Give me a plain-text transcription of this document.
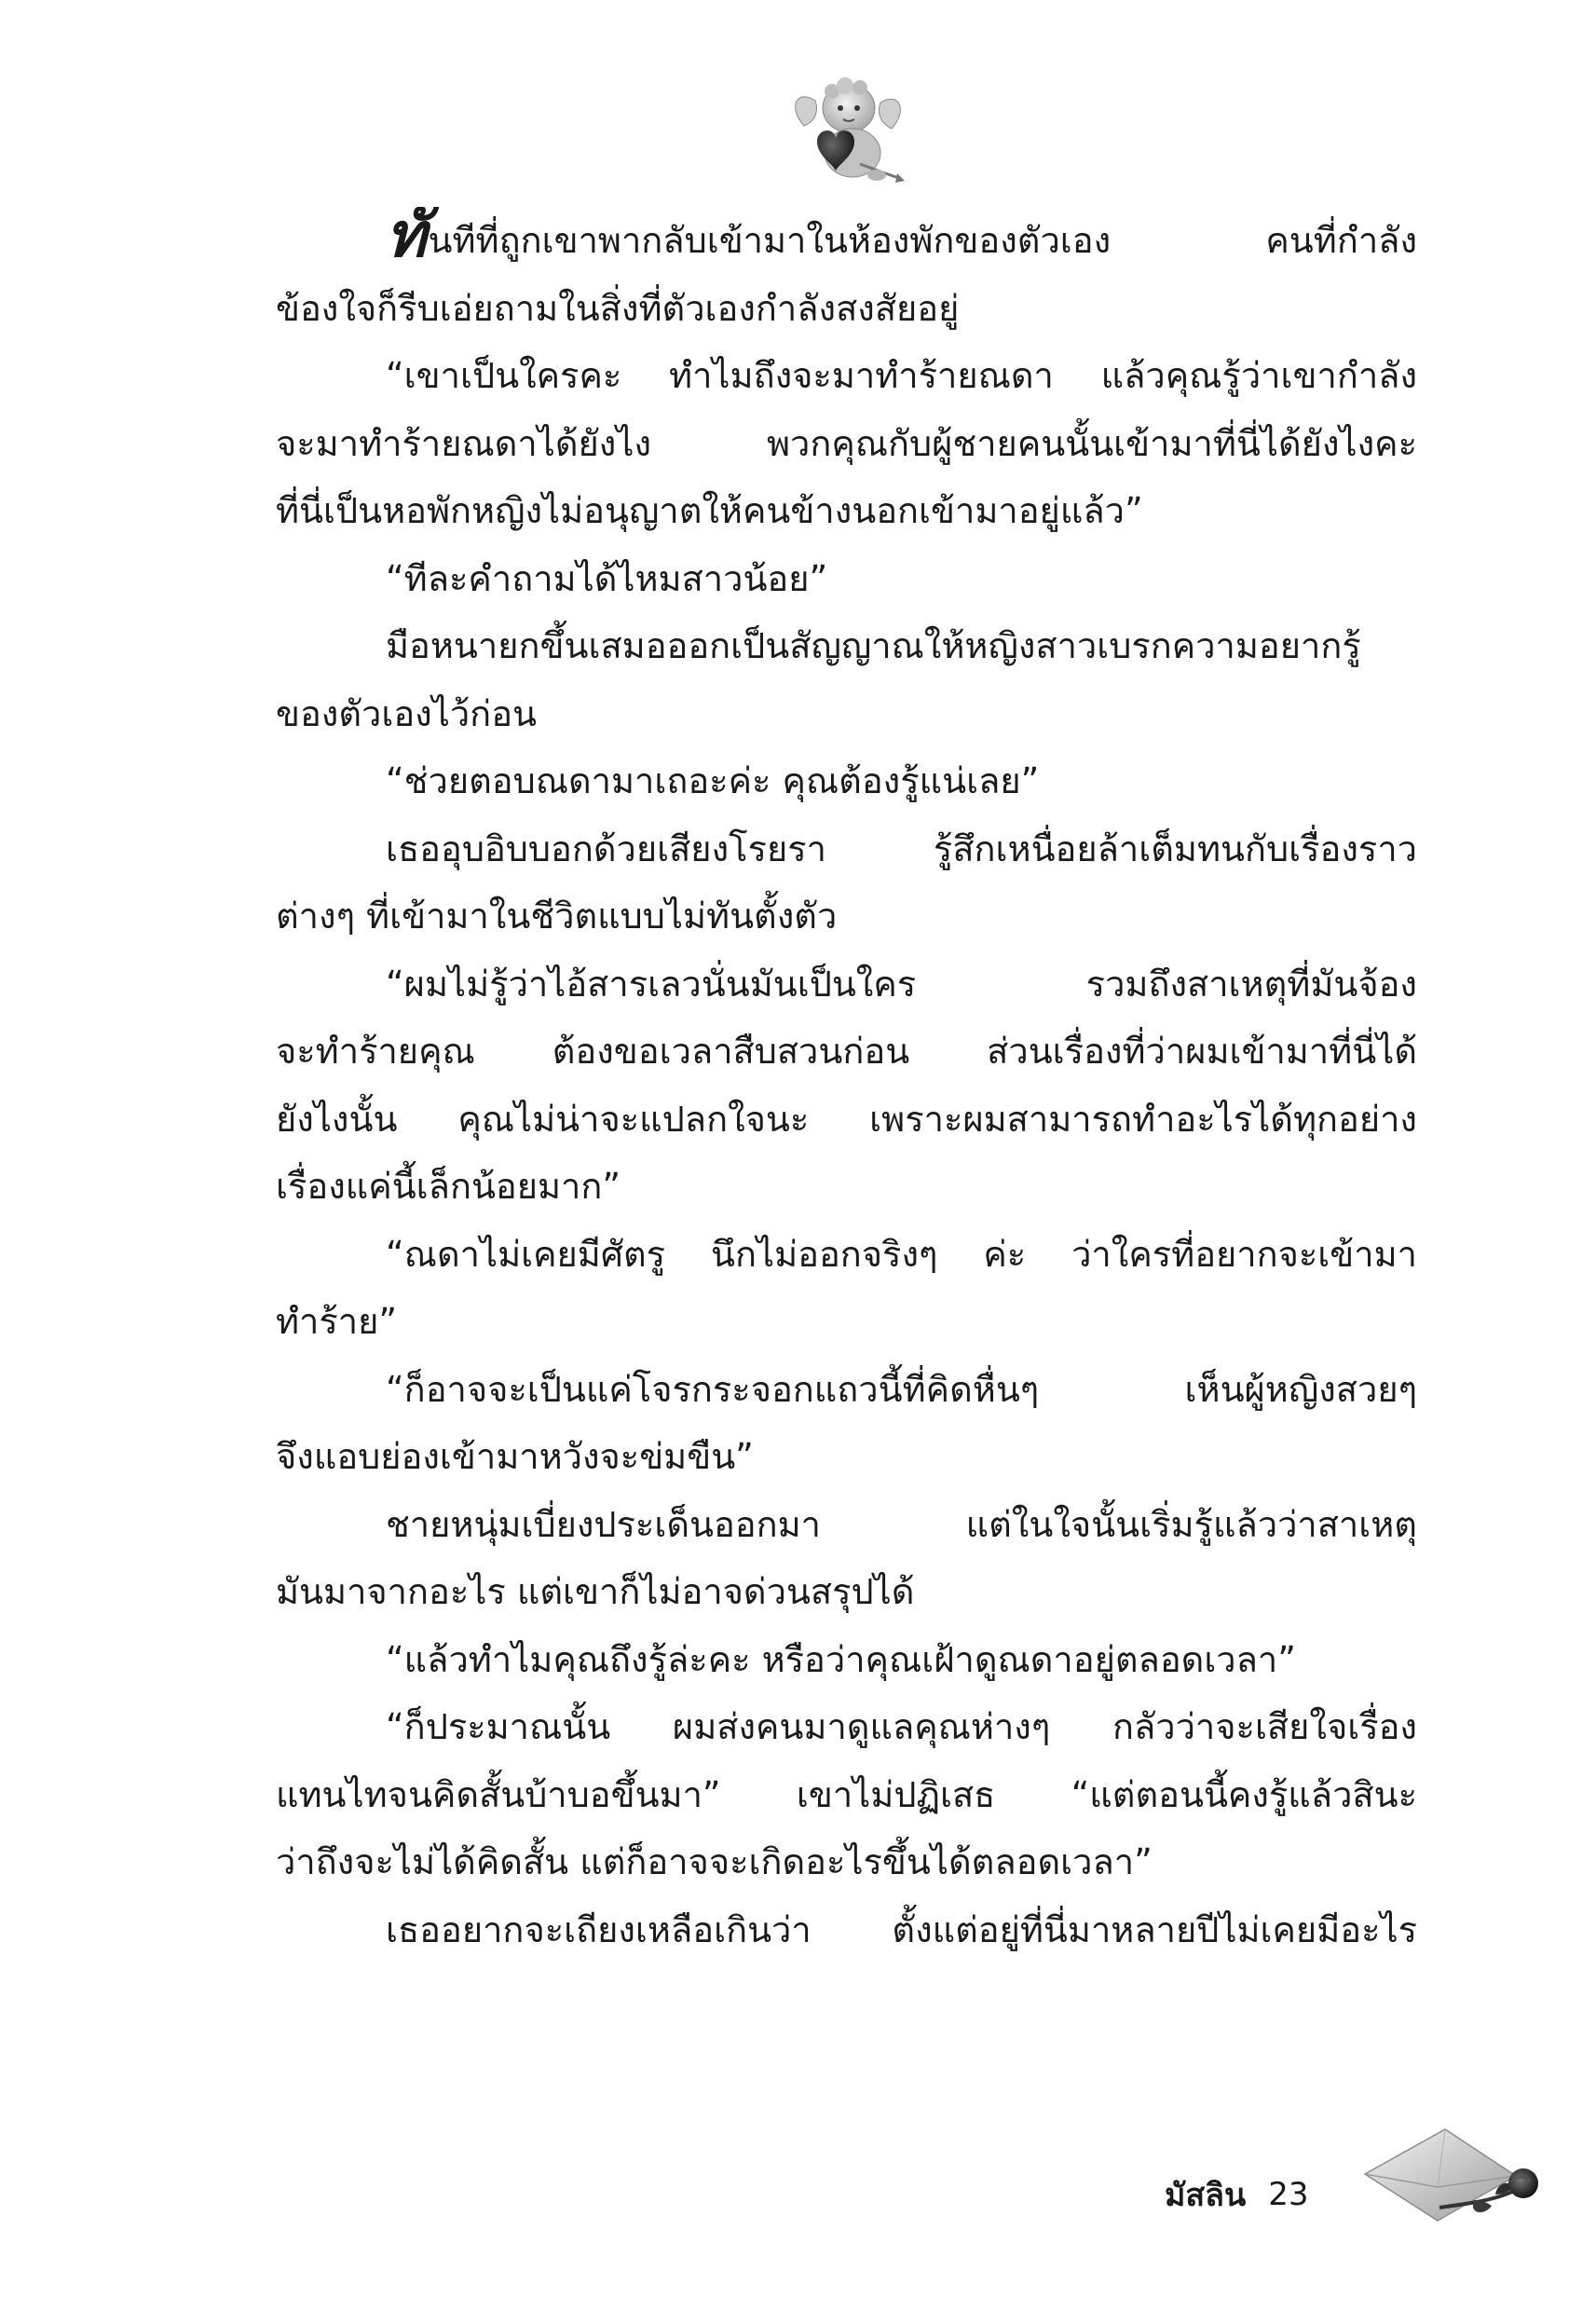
ทันทีที่ถูกเขาพากลับเข้ามาในห้องพักของตัวเอง คนที่กำลัง
ข้องใจก็รีบเอ่ยถามในสิ่งที่ตัวเองกำลังสงสัยอยู่
“เขาเป็นใครคะ ทำไมถึงจะมาทำร้ายณดา แล้วคุณรู้ว่าเขากำลัง
จะมาทำร้ายณดาได้ยังไง พวกคุณกับผู้ชายคนนั้นเข้ามาที่นี่ได้ยังไงคะ
ที่นี่เป็นหอพักหญิงไม่อนุญาตให้คนข้างนอกเข้ามาอยู่แล้ว”
“ทีละคำถามได้ไหมสาวน้อย”
มือหนายกขึ้นเสมอออกเป็นสัญญาณให้หญิงสาวเบรกความอยากรู้
ของตัวเองไว้ก่อน
“ช่วยตอบณดามาเถอะค่ะ คุณต้องรู้แน่เลย”
เธออุบอิบบอกด้วยเสียงโรยรา รู้สึกเหนื่อยล้าเต็มทนกับเรื่องราว
ต่างๆ ที่เข้ามาในชีวิตแบบไม่ทันตั้งตัว
“ผมไม่รู้ว่าไอ้สารเลวนั่นมันเป็นใคร รวมถึงสาเหตุที่มันจ้อง
จะทำร้ายคุณ ต้องขอเวลาสืบสวนก่อน ส่วนเรื่องที่ว่าผมเข้ามาที่นี่ได้
ยังไงนั้น คุณไม่น่าจะแปลกใจนะ เพราะผมสามารถทำอะไรได้ทุกอย่าง
เรื่องแค่นี้เล็กน้อยมาก”
“ณดาไม่เคยมีศัตรู นึกไม่ออกจริงๆ ค่ะ ว่าใครที่อยากจะเข้ามา
ทำร้าย”
“ก็อาจจะเป็นแค่โจรกระจอกแถวนี้ที่คิดหื่นๆ เห็นผู้หญิงสวยๆ
จึงแอบย่องเข้ามาหวังจะข่มขืน”
ชายหนุ่มเบี่ยงประเด็นออกมา แต่ในใจนั้นเริ่มรู้แล้วว่าสาเหตุ
มันมาจากอะไร แต่เขาก็ไม่อาจด่วนสรุปได้
“แล้วทำไมคุณถึงรู้ล่ะคะ หรือว่าคุณเฝ้าดูณดาอยู่ตลอดเวลา”
“ก็ประมาณนั้น ผมส่งคนมาดูแลคุณห่างๆ กลัวว่าจะเสียใจเรื่อง
แทนไทจนคิดสั้นบ้าบอขึ้นมา” เขาไม่ปฏิเสธ “แต่ตอนนี้คงรู้แล้วสินะ
ว่าถึงจะไม่ได้คิดสั้น แต่ก็อาจจะเกิดอะไรขึ้นได้ตลอดเวลา”
เธออยากจะเถียงเหลือเกินว่า ตั้งแต่อยู่ที่นี่มาหลายปีไม่เคยมีอะไร
มัสลิน 23
